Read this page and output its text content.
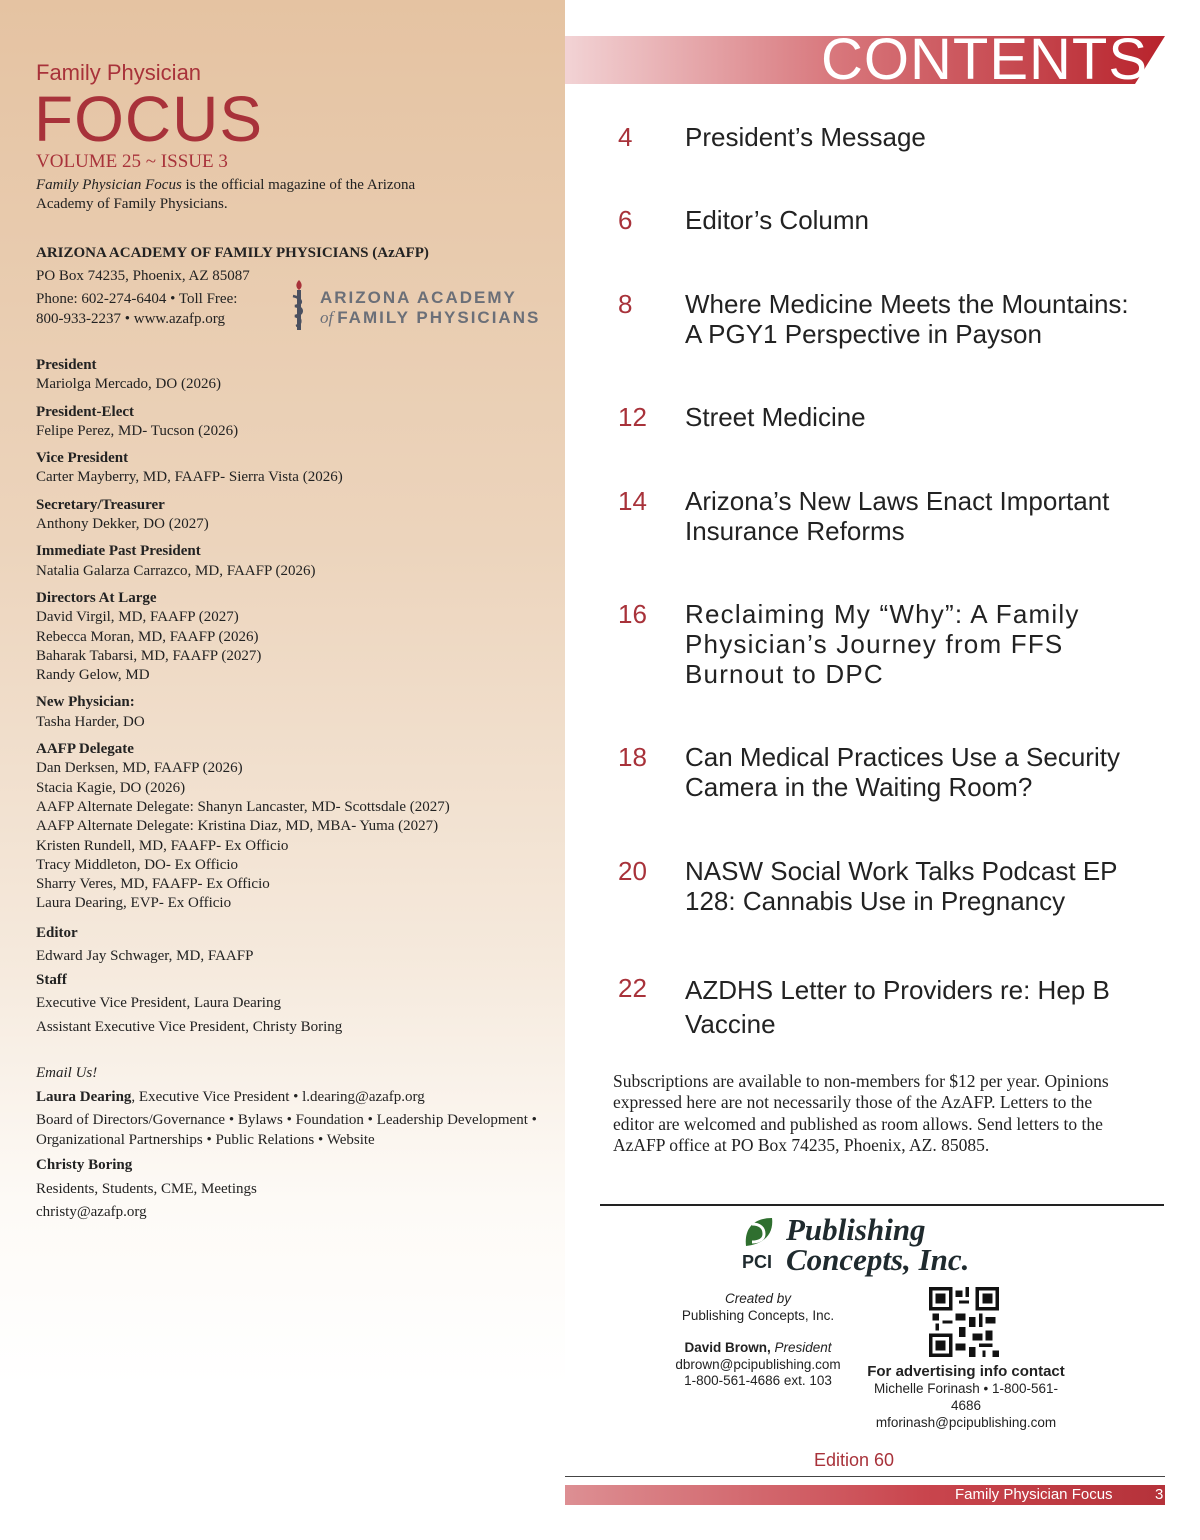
Family Physician
FOCUS
VOLUME 25 ~ ISSUE 3
Family Physician Focus is the official magazine of the Arizona Academy of Family Physicians.
ARIZONA ACADEMY OF FAMILY PHYSICIANS (AzAFP)
PO Box 74235, Phoenix, AZ 85087
Phone: 602-274-6404 • Toll Free:
800-933-2237 • www.azafp.org
ARIZONA ACADEMY
of FAMILY PHYSICIANS
President
Mariolga Mercado, DO (2026)
President-Elect
Felipe Perez, MD- Tucson (2026)
Vice President
Carter Mayberry, MD, FAAFP- Sierra Vista (2026)
Secretary/Treasurer
Anthony Dekker, DO (2027)
Immediate Past President
Natalia Galarza Carrazco, MD, FAAFP (2026)
Directors At Large
David Virgil, MD, FAAFP (2027)
Rebecca Moran, MD, FAAFP (2026)
Baharak Tabarsi, MD, FAAFP (2027)
Randy Gelow, MD
New Physician:
Tasha Harder, DO
AAFP Delegate
Dan Derksen, MD, FAAFP (2026)
Stacia Kagie, DO (2026)
AAFP Alternate Delegate: Shanyn Lancaster, MD- Scottsdale (2027)
AAFP Alternate Delegate: Kristina Diaz, MD, MBA- Yuma (2027)
Kristen Rundell, MD, FAAFP- Ex Officio
Tracy Middleton, DO- Ex Officio
Sharry Veres, MD, FAAFP- Ex Officio
Laura Dearing, EVP- Ex Officio
Editor
Edward Jay Schwager, MD, FAAFP
Staff
Executive Vice President, Laura Dearing
Assistant Executive Vice President, Christy Boring
Email Us!
Laura Dearing, Executive Vice President • l.dearing@azafp.org
Board of Directors/Governance • Bylaws • Foundation • Leadership Development • Organizational Partnerships • Public Relations • Website
Christy Boring
Residents, Students, CME, Meetings
christy@azafp.org
CONTENTS
4 President’s Message
6 Editor’s Column
8 Where Medicine Meets the Mountains: A PGY1 Perspective in Payson
12 Street Medicine
14 Arizona’s New Laws Enact Important Insurance Reforms
16 Reclaiming My “Why”: A Family Physician’s Journey from FFS Burnout to DPC
18 Can Medical Practices Use a Security Camera in the Waiting Room?
20 NASW Social Work Talks Podcast EP 128: Cannabis Use in Pregnancy
22 AZDHS Letter to Providers re: Hep B Vaccine
Subscriptions are available to non-members for $12 per year. Opinions expressed here are not necessarily those of the AzAFP. Letters to the editor are welcomed and published as room allows. Send letters to the AzAFP office at PO Box 74235, Phoenix, AZ. 85085.
PCI
Publishing
Concepts, Inc.
Created by
Publishing Concepts, Inc.
David Brown, President
dbrown@pcipublishing.com
1-800-561-4686 ext. 103
For advertising info contact
Michelle Forinash • 1-800-561-4686
mforinash@pcipublishing.com
Edition 60
Family Physician Focus	3
